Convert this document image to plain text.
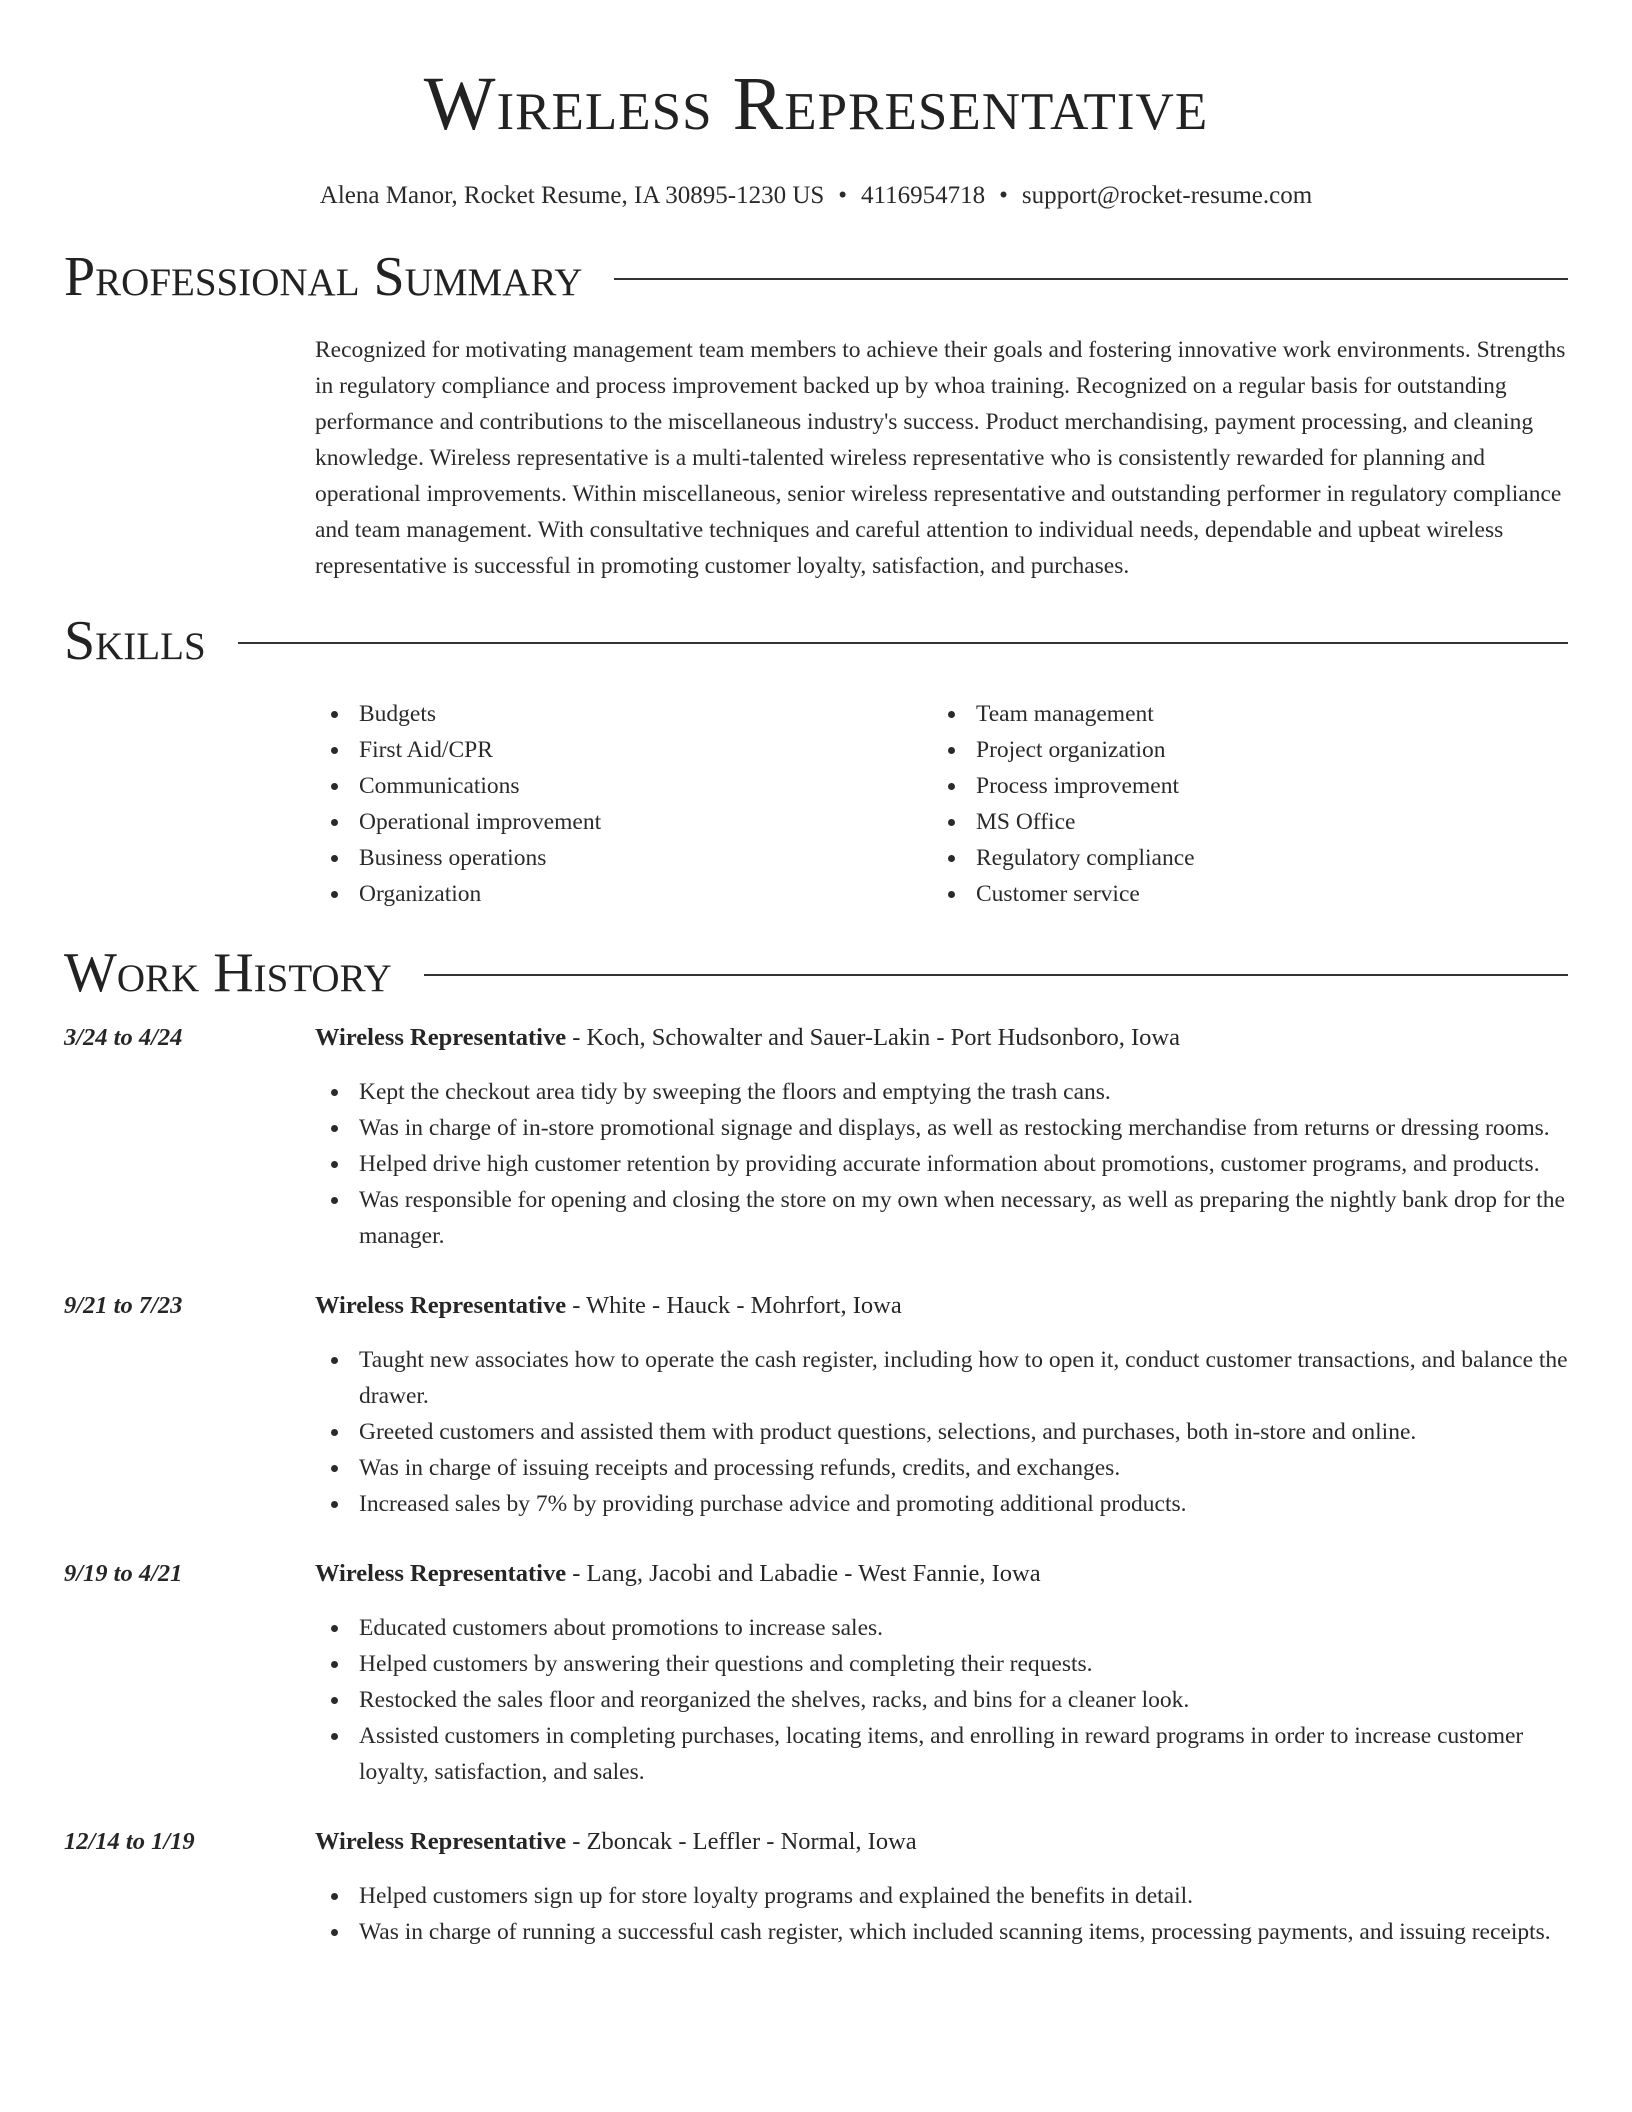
Wireless Representative
Alena Manor, Rocket Resume, IA 30895-1230 US • 4116954718 • support@rocket-resume.com
Professional Summary
Recognized for motivating management team members to achieve their goals and fostering innovative work environments. Strengths in regulatory compliance and process improvement backed up by whoa training. Recognized on a regular basis for outstanding performance and contributions to the miscellaneous industry's success. Product merchandising, payment processing, and cleaning knowledge. Wireless representative is a multi-talented wireless representative who is consistently rewarded for planning and operational improvements. Within miscellaneous, senior wireless representative and outstanding performer in regulatory compliance and team management. With consultative techniques and careful attention to individual needs, dependable and upbeat wireless representative is successful in promoting customer loyalty, satisfaction, and purchases.
Skills
Budgets
First Aid/CPR
Communications
Operational improvement
Business operations
Organization
Team management
Project organization
Process improvement
MS Office
Regulatory compliance
Customer service
Work History
3/24 to 4/24	Wireless Representative - Koch, Schowalter and Sauer-Lakin - Port Hudsonboro, Iowa
Kept the checkout area tidy by sweeping the floors and emptying the trash cans.
Was in charge of in-store promotional signage and displays, as well as restocking merchandise from returns or dressing rooms.
Helped drive high customer retention by providing accurate information about promotions, customer programs, and products.
Was responsible for opening and closing the store on my own when necessary, as well as preparing the nightly bank drop for the manager.
9/21 to 7/23	Wireless Representative - White - Hauck - Mohrfort, Iowa
Taught new associates how to operate the cash register, including how to open it, conduct customer transactions, and balance the drawer.
Greeted customers and assisted them with product questions, selections, and purchases, both in-store and online.
Was in charge of issuing receipts and processing refunds, credits, and exchanges.
Increased sales by 7% by providing purchase advice and promoting additional products.
9/19 to 4/21	Wireless Representative - Lang, Jacobi and Labadie - West Fannie, Iowa
Educated customers about promotions to increase sales.
Helped customers by answering their questions and completing their requests.
Restocked the sales floor and reorganized the shelves, racks, and bins for a cleaner look.
Assisted customers in completing purchases, locating items, and enrolling in reward programs in order to increase customer loyalty, satisfaction, and sales.
12/14 to 1/19	Wireless Representative - Zboncak - Leffler - Normal, Iowa
Helped customers sign up for store loyalty programs and explained the benefits in detail.
Was in charge of running a successful cash register, which included scanning items, processing payments, and issuing receipts.
